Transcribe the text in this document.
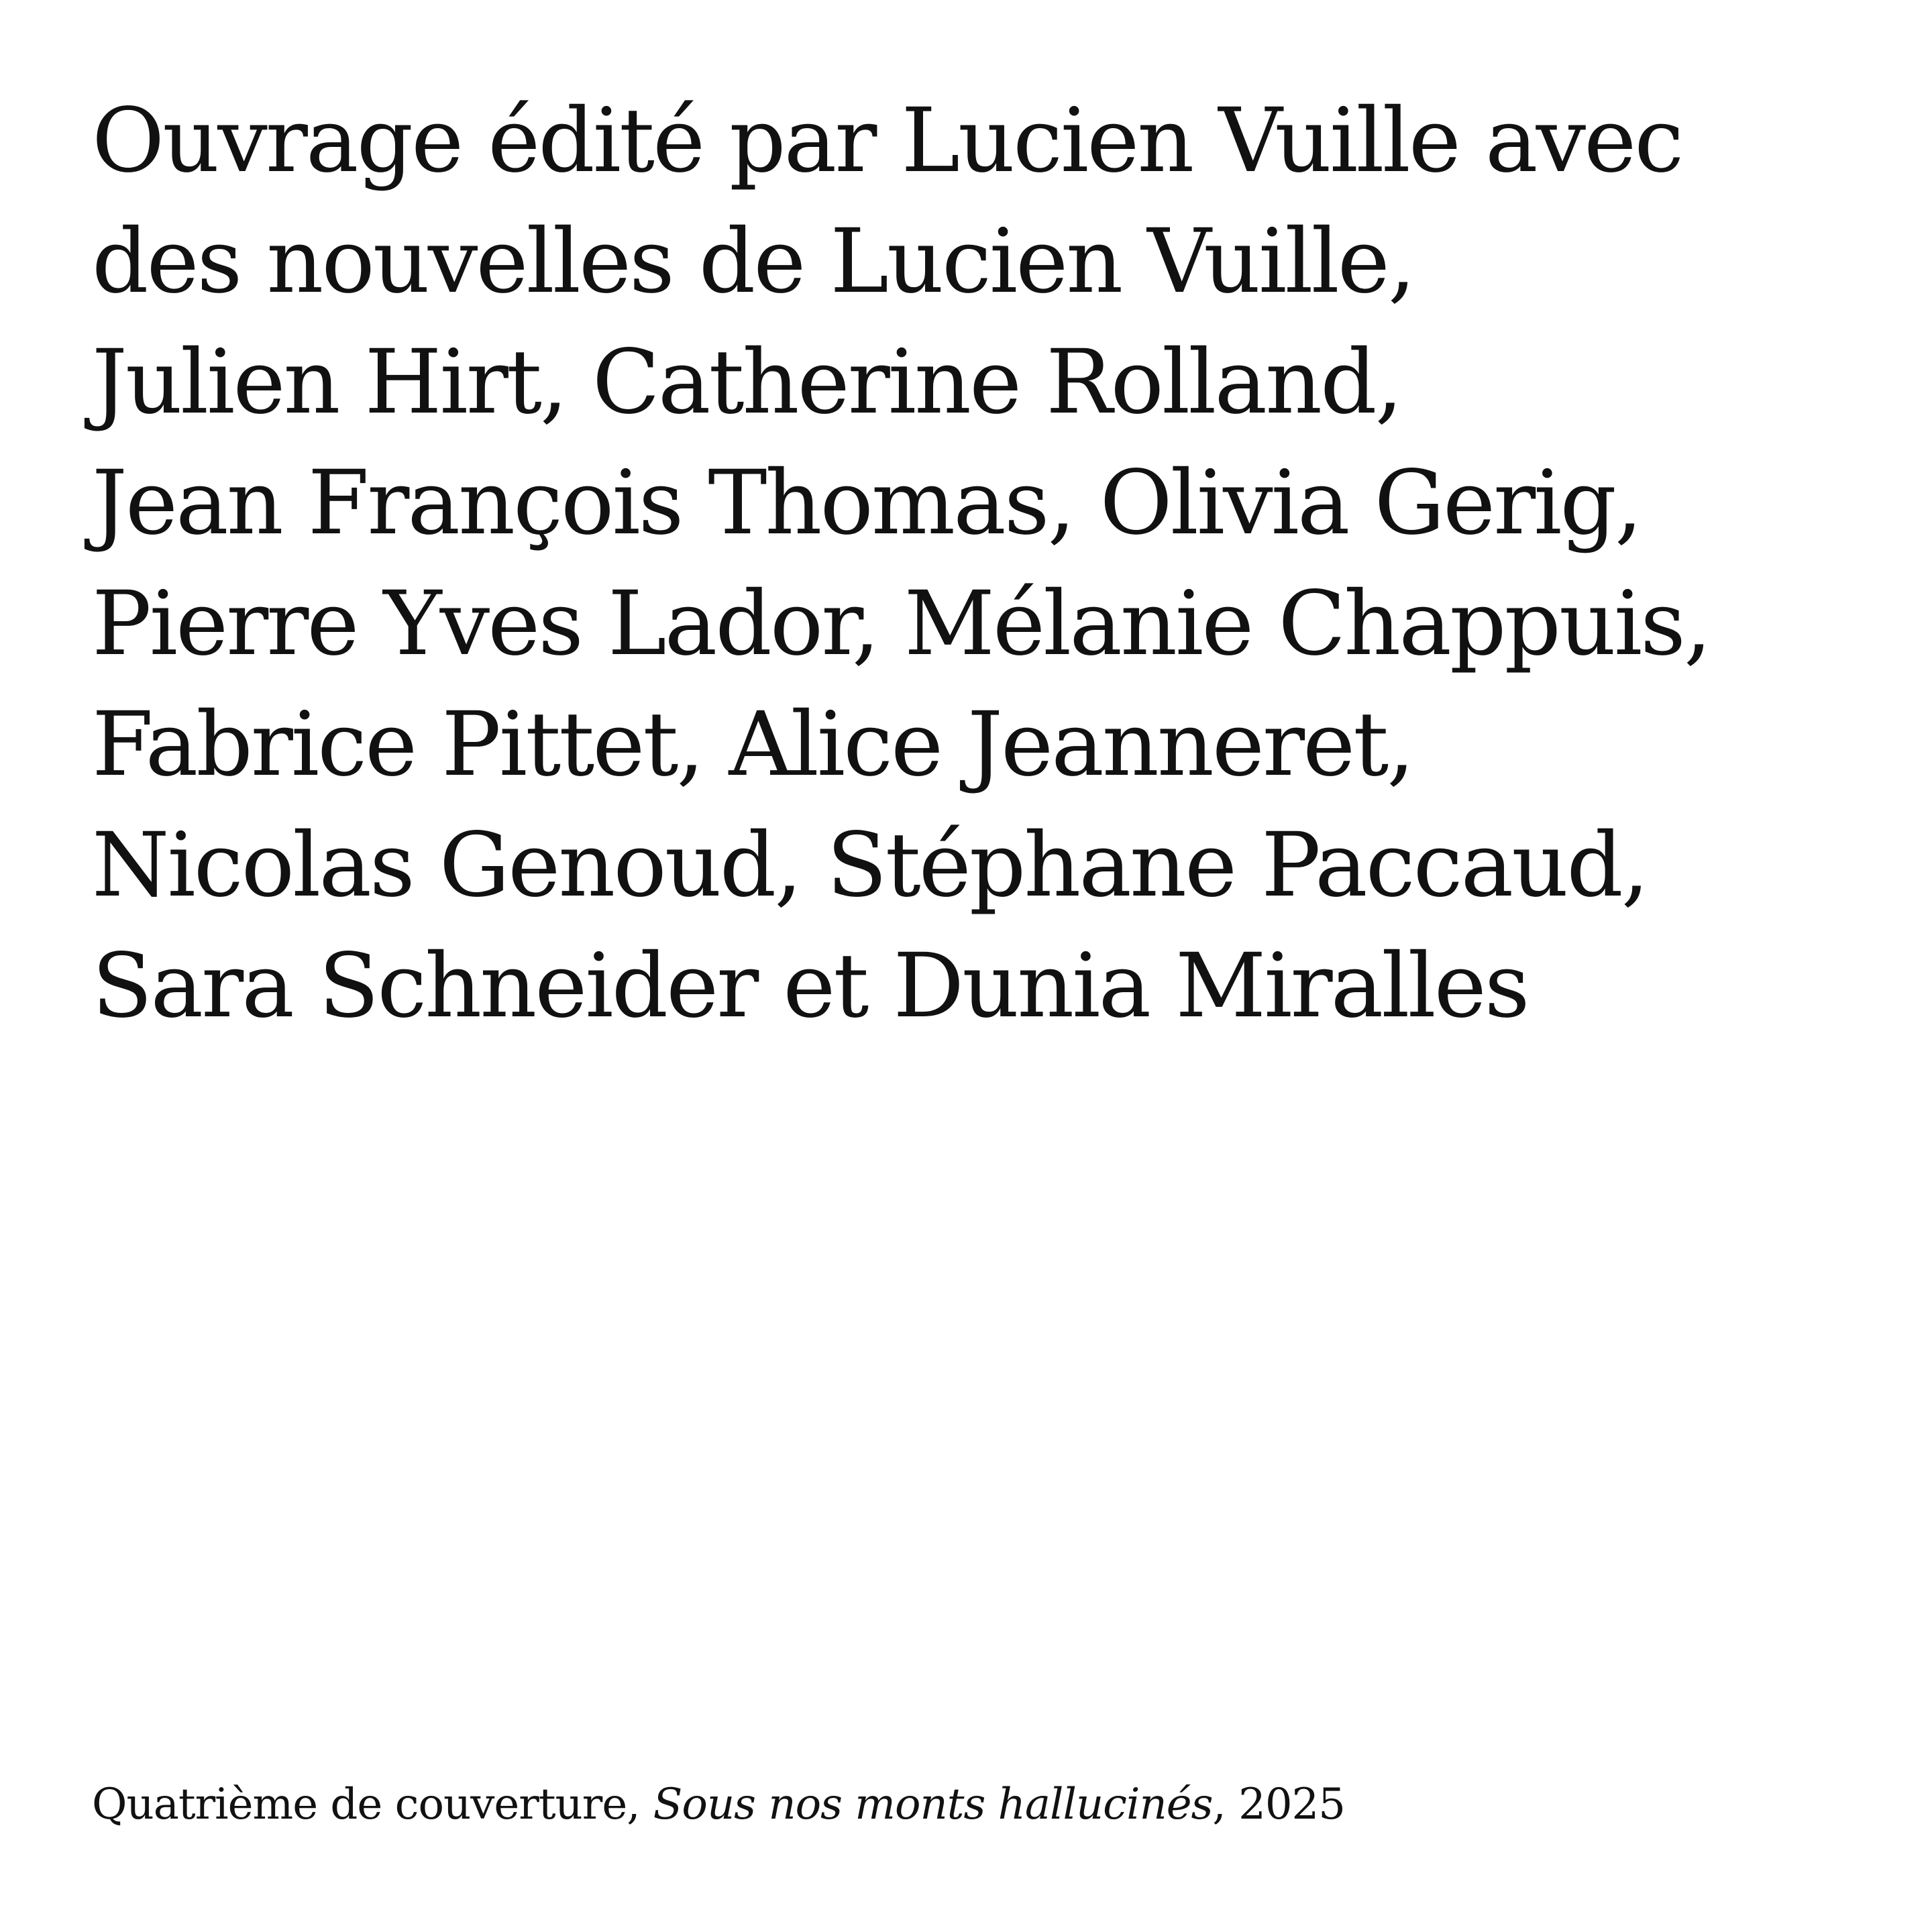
Ouvrage édité par Lucien Vuille avec
des nouvelles de Lucien Vuille,
Julien Hirt, Catherine Rolland,
Jean François Thomas, Olivia Gerig,
Pierre Yves Lador, Mélanie Chappuis,
Fabrice Pittet, Alice Jeanneret,
Nicolas Genoud, Stéphane Paccaud,
Sara Schneider et Dunia Miralles

Quatrième de couverture, Sous nos monts hallucinés, 2025
